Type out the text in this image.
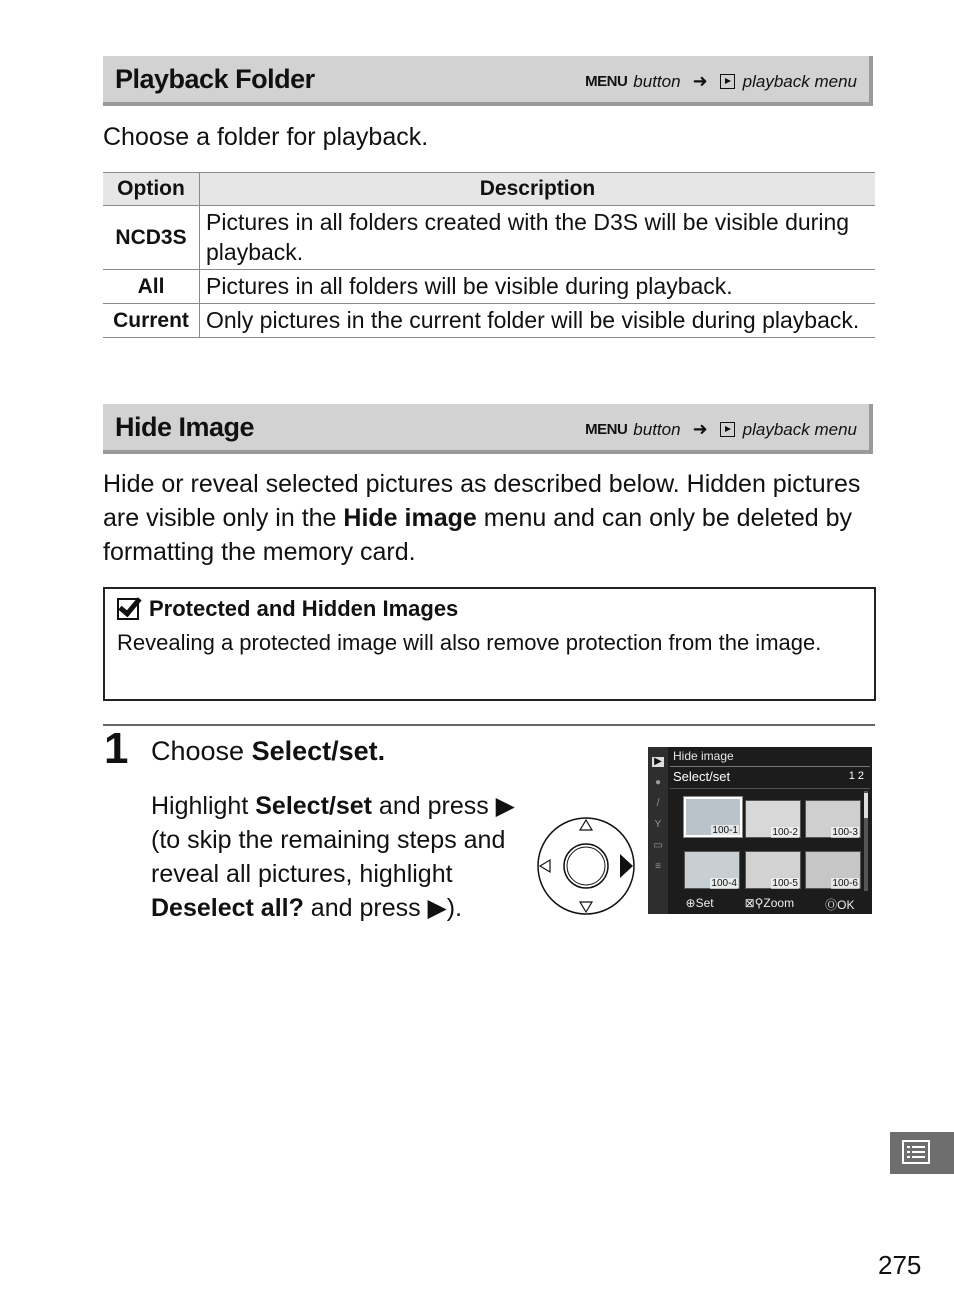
Playback Folder	MENU button ➜ playback menu
Choose a folder for playback.
Option	Description
NCD3S	Pictures in all folders created with the D3S will be visible during playback.
All	Pictures in all folders will be visible during playback.
Current	Only pictures in the current folder will be visible during playback.
Hide Image	MENU button ➜ playback menu
Hide or reveal selected pictures as described below. Hidden pictures are visible only in the Hide image menu and can only be deleted by formatting the memory card.
Protected and Hidden Images
Revealing a protected image will also remove protection from the image.
1 Choose Select/set.
Highlight Select/set and press ▶ (to skip the remaining steps and reveal all pictures, highlight Deselect all? and press ▶).
▶
●
/
Y
▭
≡
Hide image
Select/set	1 2
100-1	100-2	100-3
100-4	100-5	100-6
⊕Set	⊠⚲Zoom	ⓄOK
275
